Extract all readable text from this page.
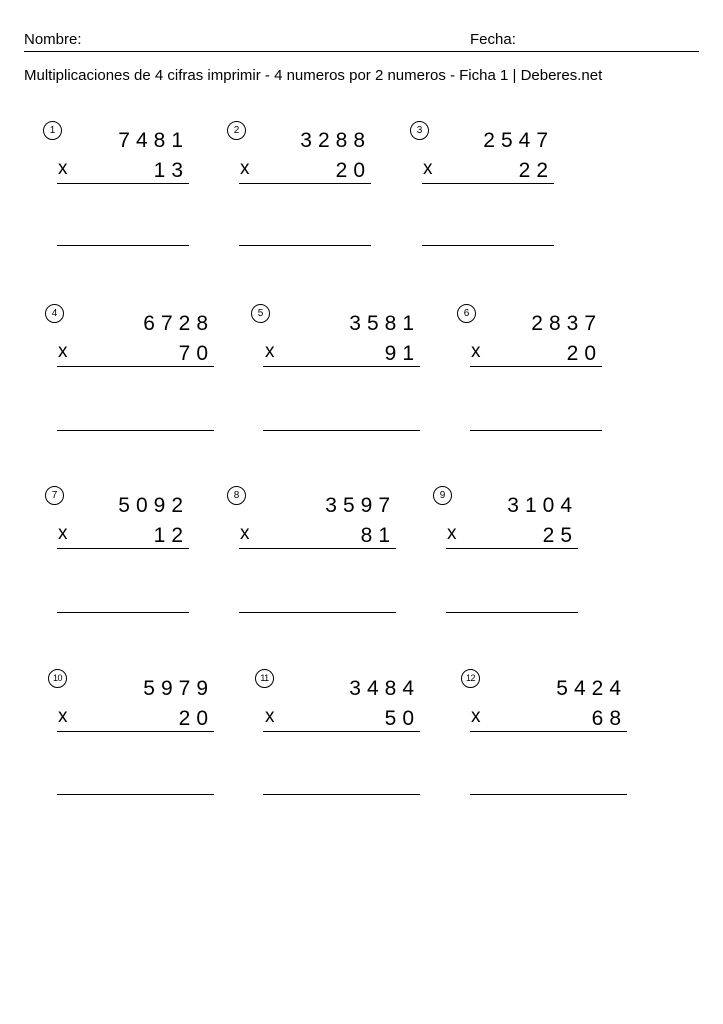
Nombre:	Fecha:
Multiplicaciones de 4 cifras imprimir - 4 numeros por 2 numeros - Ficha 1 | Deberes.net
1	7481
x	13
2	3288
x	20
3	2547
x	22
4	6728
x	70
5	3581
x	91
6	2837
x	20
7	5092
x	12
8	3597
x	81
9	3104
x	25
10	5979
x	20
11	3484
x	50
12	5424
x	68
